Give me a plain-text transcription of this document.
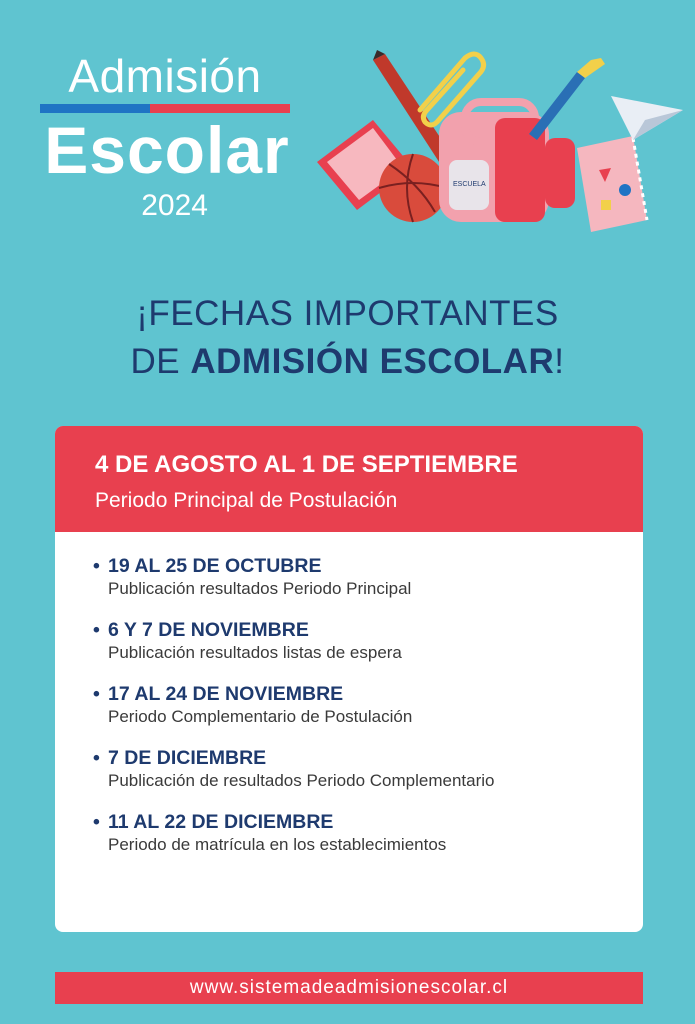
Admisión
Escolar
2024
ESCUELA
¡FECHAS IMPORTANTES
DE ADMISIÓN ESCOLAR!
4 DE AGOSTO AL 1 DE SEPTIEMBRE
Periodo Principal de Postulación
• 19 AL 25 DE OCTUBRE
Publicación resultados Periodo Principal
• 6 Y 7 DE NOVIEMBRE
Publicación resultados listas de espera
• 17 AL 24 DE NOVIEMBRE
Periodo Complementario de Postulación
• 7 DE DICIEMBRE
Publicación de resultados Periodo Complementario
• 11 AL 22 DE DICIEMBRE
Periodo de matrícula en los establecimientos
www.sistemadeadmisionescolar.cl
